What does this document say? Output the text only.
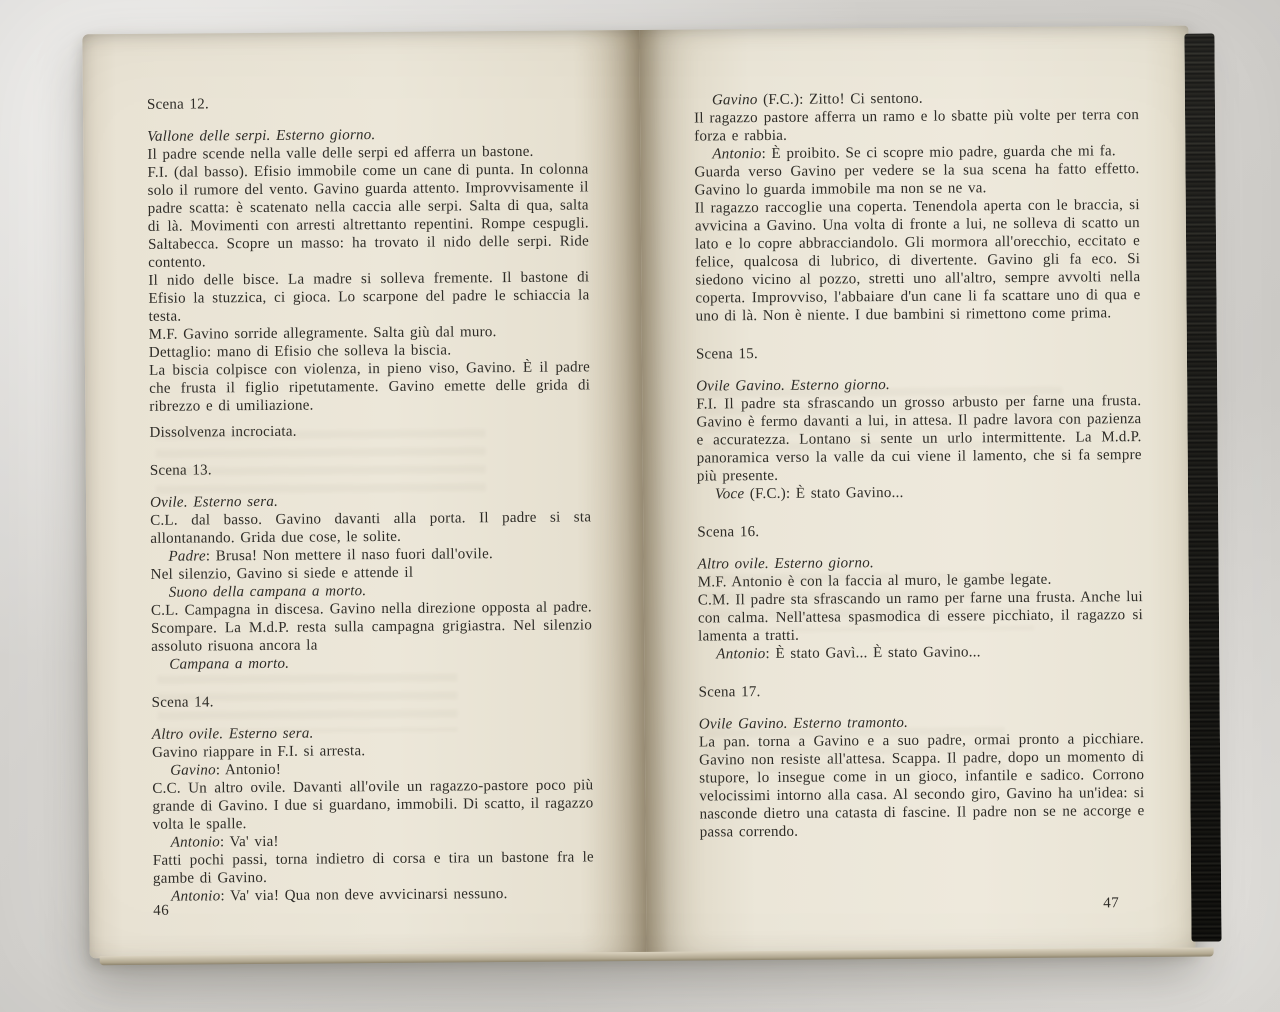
Scena 12.
Vallone delle serpi. Esterno giorno.
Il padre scende nella valle delle serpi ed afferra un bastone.
F.I. (dal basso). Efisio immobile come un cane di punta. In colonna solo il rumore del vento. Gavino guarda attento. Improvvisamente il padre scatta: è scatenato nella caccia alle serpi. Salta di qua, salta di là. Movimenti con arresti altrettanto repentini. Rompe cespugli. Saltabecca. Scopre un masso: ha trovato il nido delle serpi. Ride contento.
Il nido delle bisce. La madre si solleva fremente. Il bastone di Efisio la stuzzica, ci gioca. Lo scarpone del padre le schiaccia la testa.
M.F. Gavino sorride allegramente. Salta giù dal muro.
Dettaglio: mano di Efisio che solleva la biscia.
La biscia colpisce con violenza, in pieno viso, Gavino. È il padre che frusta il figlio ripetutamente. Gavino emette delle grida di ribrezzo e di umiliazione.
Dissolvenza incrociata.
Scena 13.
Ovile. Esterno sera.
C.L. dal basso. Gavino davanti alla porta. Il padre si sta allontanando. Grida due cose, le solite.
Padre: Brusa! Non mettere il naso fuori dall'ovile.
Nel silenzio, Gavino si siede e attende il
Suono della campana a morto.
C.L. Campagna in discesa. Gavino nella direzione opposta al padre. Scompare. La M.d.P. resta sulla campagna grigiastra. Nel silenzio assoluto risuona ancora la
Campana a morto.
Scena 14.
Altro ovile. Esterno sera.
Gavino riappare in F.I. si arresta.
Gavino: Antonio!
C.C. Un altro ovile. Davanti all'ovile un ragazzo-pastore poco più grande di Gavino. I due si guardano, immobili. Di scatto, il ragazzo volta le spalle.
Antonio: Va' via!
Fatti pochi passi, torna indietro di corsa e tira un bastone fra le gambe di Gavino.
Antonio: Va' via! Qua non deve avvicinarsi nessuno.
46
Gavino (F.C.): Zitto! Ci sentono.
Il ragazzo pastore afferra un ramo e lo sbatte più volte per terra con forza e rabbia.
Antonio: È proibito. Se ci scopre mio padre, guarda che mi fa.
Guarda verso Gavino per vedere se la sua scena ha fatto effetto. Gavino lo guarda immobile ma non se ne va.
Il ragazzo raccoglie una coperta. Tenendola aperta con le braccia, si avvicina a Gavino. Una volta di fronte a lui, ne solleva di scatto un lato e lo copre abbracciandolo. Gli mormora all'orecchio, eccitato e felice, qualcosa di lubrico, di divertente. Gavino gli fa eco. Si siedono vicino al pozzo, stretti uno all'altro, sempre avvolti nella coperta. Improvviso, l'abbaiare d'un cane li fa scattare uno di qua e uno di là. Non è niente. I due bambini si rimettono come prima.
Scena 15.
Ovile Gavino. Esterno giorno.
F.I. Il padre sta sfrascando un grosso arbusto per farne una frusta. Gavino è fermo davanti a lui, in attesa. Il padre lavora con pazienza e accuratezza. Lontano si sente un urlo intermittente. La M.d.P. panoramica verso la valle da cui viene il lamento, che si fa sempre più presente.
Voce (F.C.): È stato Gavino...
Scena 16.
Altro ovile. Esterno giorno.
M.F. Antonio è con la faccia al muro, le gambe legate.
C.M. Il padre sta sfrascando un ramo per farne una frusta. Anche lui con calma. Nell'attesa spasmodica di essere picchiato, il ragazzo si lamenta a tratti.
Antonio: È stato Gavì... È stato Gavino...
Scena 17.
Ovile Gavino. Esterno tramonto.
La pan. torna a Gavino e a suo padre, ormai pronto a picchiare. Gavino non resiste all'attesa. Scappa. Il padre, dopo un momento di stupore, lo insegue come in un gioco, infantile e sadico. Corrono velocissimi intorno alla casa. Al secondo giro, Gavino ha un'idea: si nasconde dietro una catasta di fascine. Il padre non se ne accorge e passa correndo.
47
